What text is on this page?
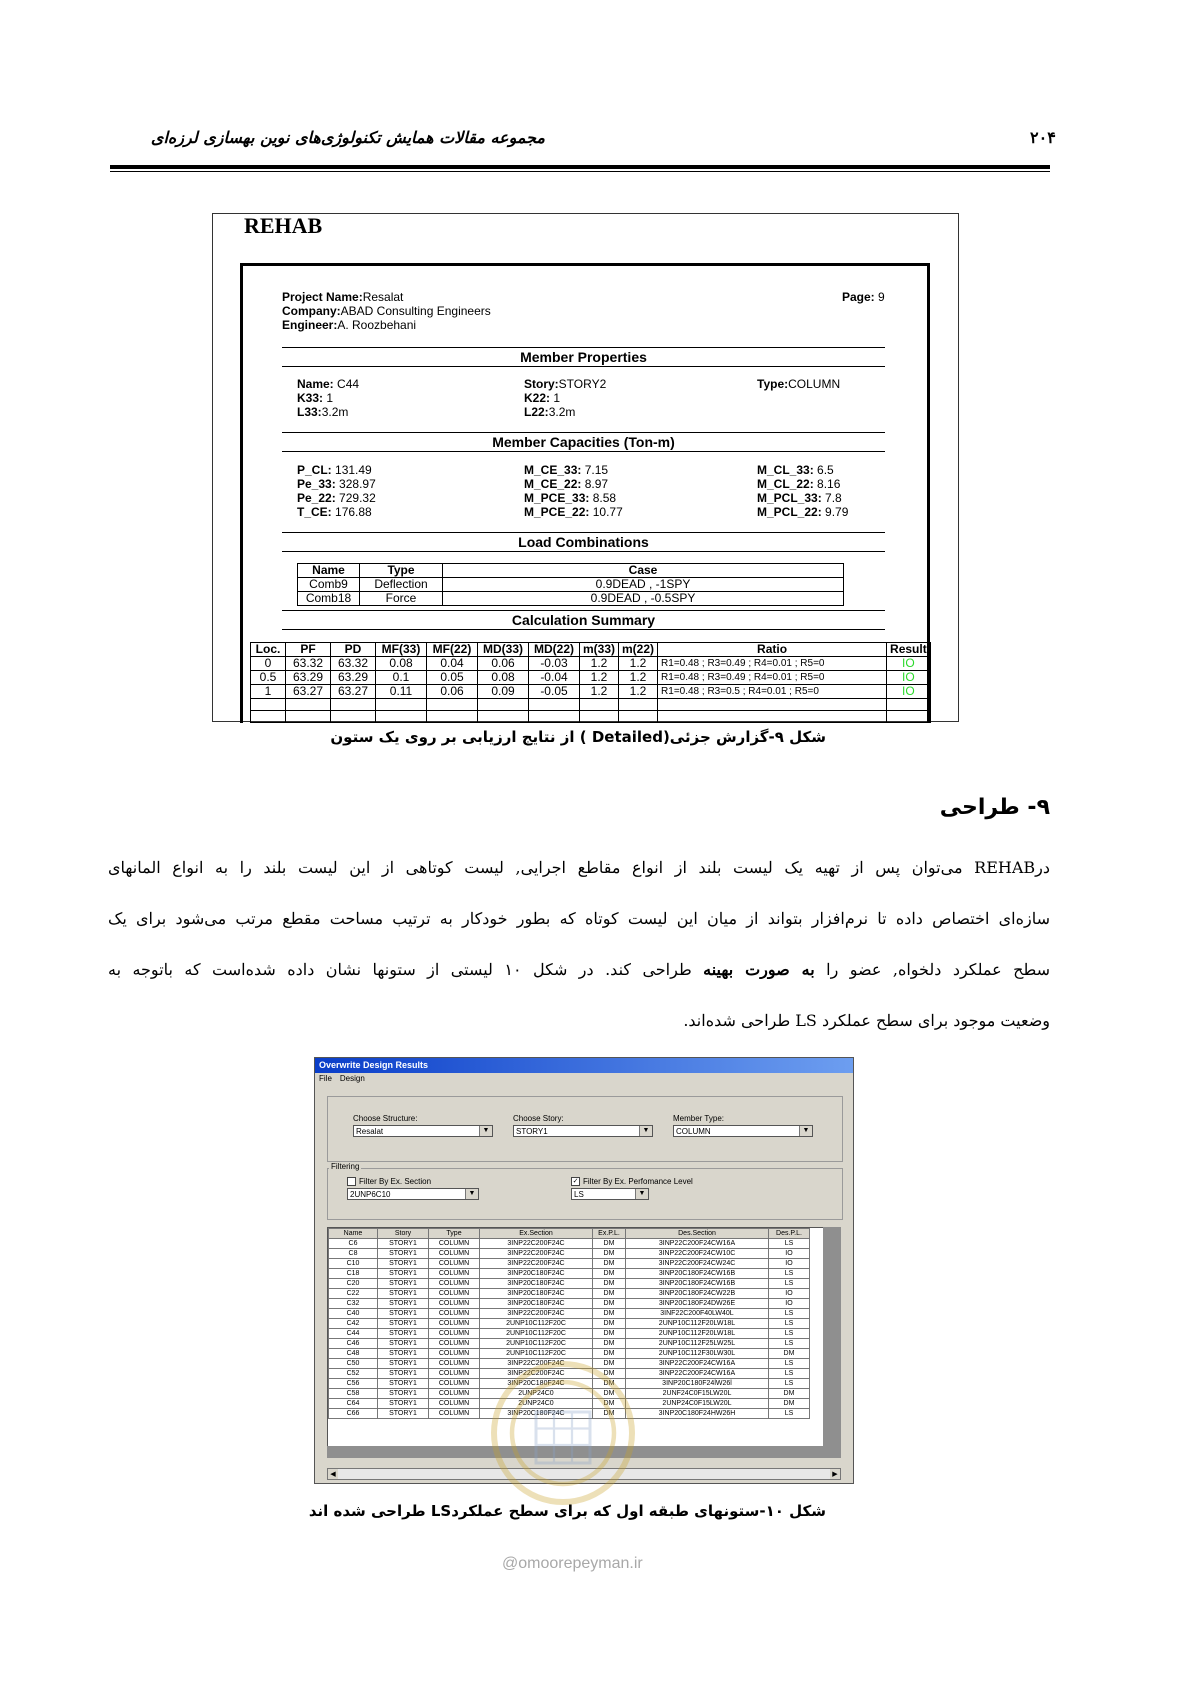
مجموعه مقالات همایش تکنولوژی‌های نوین بهسازی لرزه‌ای	۲۰۴
REHAB
Project Name:Resalat
Company:ABAD Consulting Engineers
Engineer:A. Roozbehani
Page: 9
Member Properties
Name: C44
K33: 1
L33:3.2m
Story:STORY2
K22: 1
L22:3.2m
Type:COLUMN
Member Capacities (Ton-m)
P_CL: 131.49
Pe_33: 328.97
Pe_22: 729.32
T_CE: 176.88
M_CE_33: 7.15
M_CE_22: 8.97
M_PCE_33: 8.58
M_PCE_22: 10.77
M_CL_33: 6.5
M_CL_22: 8.16
M_PCL_33: 7.8
M_PCL_22: 9.79
Load Combinations
Name	Type	Case
Comb9	Deflection	0.9DEAD , -1SPY
Comb18	Force	0.9DEAD , -0.5SPY
Calculation Summary
Loc.	PF	PD	MF(33)	MF(22)	MD(33)	MD(22)	m(33)	m(22)	Ratio	Result
0	63.32	63.32	0.08	0.04	0.06	-0.03	1.2	1.2	R1=0.48 ; R3=0.49 ; R4=0.01 ; R5=0	IO
0.5	63.29	63.29	0.1	0.05	0.08	-0.04	1.2	1.2	R1=0.48 ; R3=0.49 ; R4=0.01 ; R5=0	IO
1	63.27	63.27	0.11	0.06	0.09	-0.05	1.2	1.2	R1=0.48 ; R3=0.5 ; R4=0.01 ; R5=0	IO

شکل ۹-گزارش جزئی(Detailed ) از نتایج ارزیابی بر روی یک ستون
۹- طراحی
درREHAB می‌توان پس از تهیه یک لیست بلند از انواع مقاطع اجرایی, لیست کوتاهی از این لیست بلند را به انواع المانهای
سازه‌ای اختصاص داده تا نرم‌افزار بتواند از میان این لیست کوتاه که بطور خودکار به ترتیب مساحت مقطع مرتب می‌شود برای یک
سطح عملکرد دلخواه, عضو را به صورت بهینه طراحی کند. در شکل ۱۰ لیستی از ستونها نشان داده شده‌است که باتوجه به
وضعیت موجود برای سطح عملکرد LS طراحی شده‌اند.
Overwrite Design Results
File Design
Choose Structure:
Resalat	▼
Choose Story:
STORY1	▼
Member Type:
COLUMN	▼
Filtering
Filter By Ex. Section
2UNP6C10	▼
✓ Filter By Ex. Perfomance Level
LS	▼
Name	Story	Type	Ex.Section	Ex.P.L.	Des.Section	Des.P.L.
C6	STORY1	COLUMN	3INP22C200F24C	DM	3INP22C200F24CW16A	LS
C8	STORY1	COLUMN	3INP22C200F24C	DM	3INP22C200F24CW10C	IO
C10	STORY1	COLUMN	3INP22C200F24C	DM	3INP22C200F24CW24C	IO
C18	STORY1	COLUMN	3INP20C180F24C	DM	3INP20C180F24CW16B	LS
C20	STORY1	COLUMN	3INP20C180F24C	DM	3INP20C180F24CW16B	LS
C22	STORY1	COLUMN	3INP20C180F24C	DM	3INP20C180F24CW22B	IO
C32	STORY1	COLUMN	3INP20C180F24C	DM	3INP20C180F24DW26E	IO
C40	STORY1	COLUMN	3INP22C200F24C	DM	3INF22C200F40LW40L	LS
C42	STORY1	COLUMN	2UNP10C112F20C	DM	2UNP10C112F20LW18L	LS
C44	STORY1	COLUMN	2UNP10C112F20C	DM	2UNP10C112F20LW18L	LS
C46	STORY1	COLUMN	2UNP10C112F20C	DM	2UNP10C112F25LW25L	LS
C48	STORY1	COLUMN	2UNP10C112F20C	DM	2UNP10C112F30LW30L	DM
C50	STORY1	COLUMN	3INP22C200F24C	DM	3INP22C200F24CW16A	LS
C52	STORY1	COLUMN	3INP22C200F24C	DM	3INP22C200F24CW16A	LS
C56	STORY1	COLUMN	3INP20C180F24C	DM	3INP20C180F24lW26l	LS
C58	STORY1	COLUMN	2UNP24C0	DM	2UNF24C0F15LW20L	DM
C64	STORY1	COLUMN	2UNP24C0	DM	2UNP24C0F15LW20L	DM
C66	STORY1	COLUMN	3INP20C180F24C	DM	3INP20C180F24HW26H	LS
◀	▶
شکل ۱۰-ستونهای طبقه اول که برای سطح عملکردLS طراحی شده اند
@omoorepeyman.ir
